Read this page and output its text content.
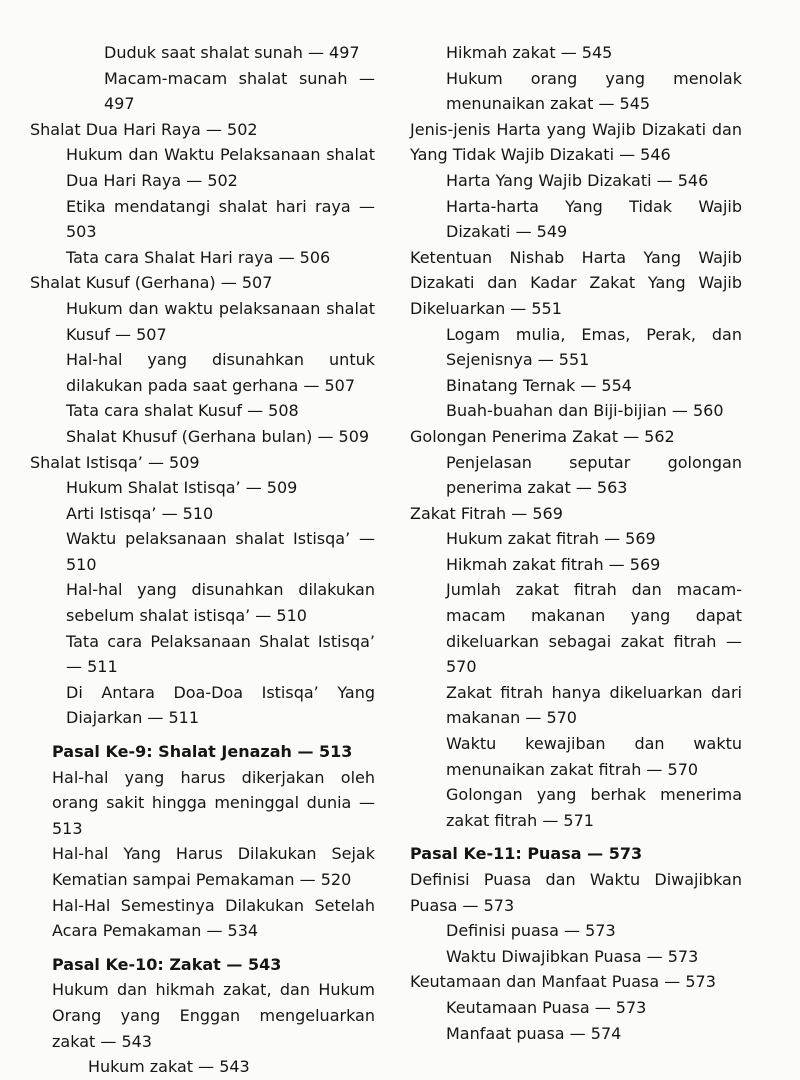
Duduk saat shalat sunah — 497
Macam-macam shalat sunah — 497
Shalat Dua Hari Raya — 502
Hukum dan Waktu Pelaksanaan shalat Dua Hari Raya — 502
Etika mendatangi shalat hari raya — 503
Tata cara Shalat Hari raya — 506
Shalat Kusuf (Gerhana) — 507
Hukum dan waktu pelaksanaan shalat Kusuf — 507
Hal-hal yang disunahkan untuk dilakukan pada saat gerhana — 507
Tata cara shalat Kusuf — 508
Shalat Khusuf (Gerhana bulan) — 509
Shalat Istisqa’ — 509
Hukum Shalat Istisqa’ — 509
Arti Istisqa’ — 510
Waktu pelaksanaan shalat Istisqa’ — 510
Hal-hal yang disunahkan dilakukan sebelum shalat istisqa’ — 510
Tata cara Pelaksanaan Shalat Istisqa’ — 511
Di Antara Doa-Doa Istisqa’ Yang Diajarkan — 511
Pasal Ke-9: Shalat Jenazah — 513
Hal-hal yang harus dikerjakan oleh orang sakit hingga meninggal dunia — 513
Hal-hal Yang Harus Dilakukan Sejak Kematian sampai Pemakaman — 520
Hal-Hal Semestinya Dilakukan Setelah Acara Pemakaman — 534
Pasal Ke-10: Zakat — 543
Hukum dan hikmah zakat, dan Hukum Orang yang Enggan mengeluarkan zakat — 543
Hukum zakat — 543
Hikmah zakat — 545
Hukum orang yang menolak menunaikan zakat — 545
Jenis-jenis Harta yang Wajib Dizakati dan Yang Tidak Wajib Dizakati — 546
Harta Yang Wajib Dizakati — 546
Harta-harta Yang Tidak Wajib Dizakati — 549
Ketentuan Nishab Harta Yang Wajib Dizakati dan Kadar Zakat Yang Wajib Dikeluarkan — 551
Logam mulia, Emas, Perak, dan Sejenisnya — 551
Binatang Ternak — 554
Buah-buahan dan Biji-bijian — 560
Golongan Penerima Zakat — 562
Penjelasan seputar golongan penerima zakat — 563
Zakat Fitrah — 569
Hukum zakat fitrah — 569
Hikmah zakat fitrah — 569
Jumlah zakat fitrah dan macam-macam makanan yang dapat dikeluarkan sebagai zakat fitrah — 570
Zakat fitrah hanya dikeluarkan dari makanan — 570
Waktu kewajiban dan waktu menunaikan zakat fitrah — 570
Golongan yang berhak menerima zakat fitrah — 571
Pasal Ke-11: Puasa — 573
Definisi Puasa dan Waktu Diwajibkan Puasa — 573
Definisi puasa — 573
Waktu Diwajibkan Puasa — 573
Keutamaan dan Manfaat Puasa — 573
Keutamaan Puasa — 573
Manfaat puasa — 574
